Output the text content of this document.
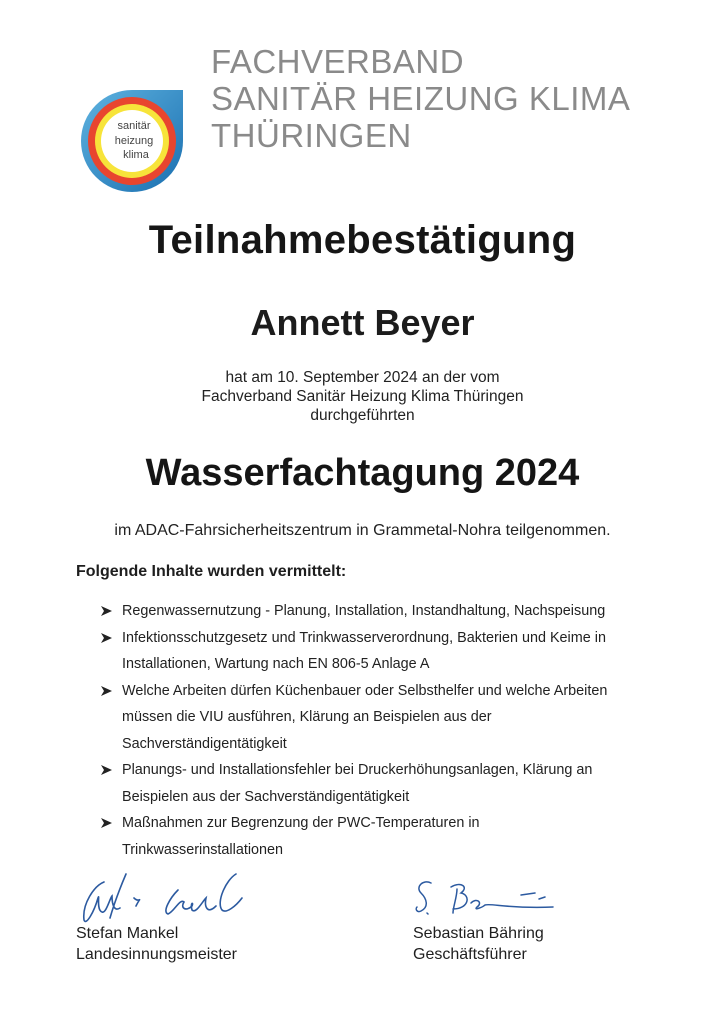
sanitär
heizung
klima
FACHVERBAND
SANITÄR HEIZUNG KLIMA
THÜRINGEN
Teilnahmebestätigung
Annett Beyer
hat am 10. September 2024 an der vom
Fachverband Sanitär Heizung Klima Thüringen
durchgeführten
Wasserfachtagung 2024
im ADAC-Fahrsicherheitszentrum in Grammetal-Nohra teilgenommen.
Folgende Inhalte wurden vermittelt:
Regenwassernutzung - Planung, Installation, Instandhaltung, Nachspeisung
Infektionsschutzgesetz und Trinkwasserverordnung, Bakterien und Keime in
Installationen, Wartung nach EN 806-5 Anlage A
Welche Arbeiten dürfen Küchenbauer oder Selbsthelfer und welche Arbeiten
müssen die VIU ausführen, Klärung an Beispielen aus der
Sachverständigentätigkeit
Planungs- und Installationsfehler bei Druckerhöhungsanlagen, Klärung an
Beispielen aus der Sachverständigentätigkeit
Maßnahmen zur Begrenzung der PWC-Temperaturen in
Trinkwasserinstallationen
Stefan Mankel
Landesinnungsmeister
Sebastian Bähring
Geschäftsführer
